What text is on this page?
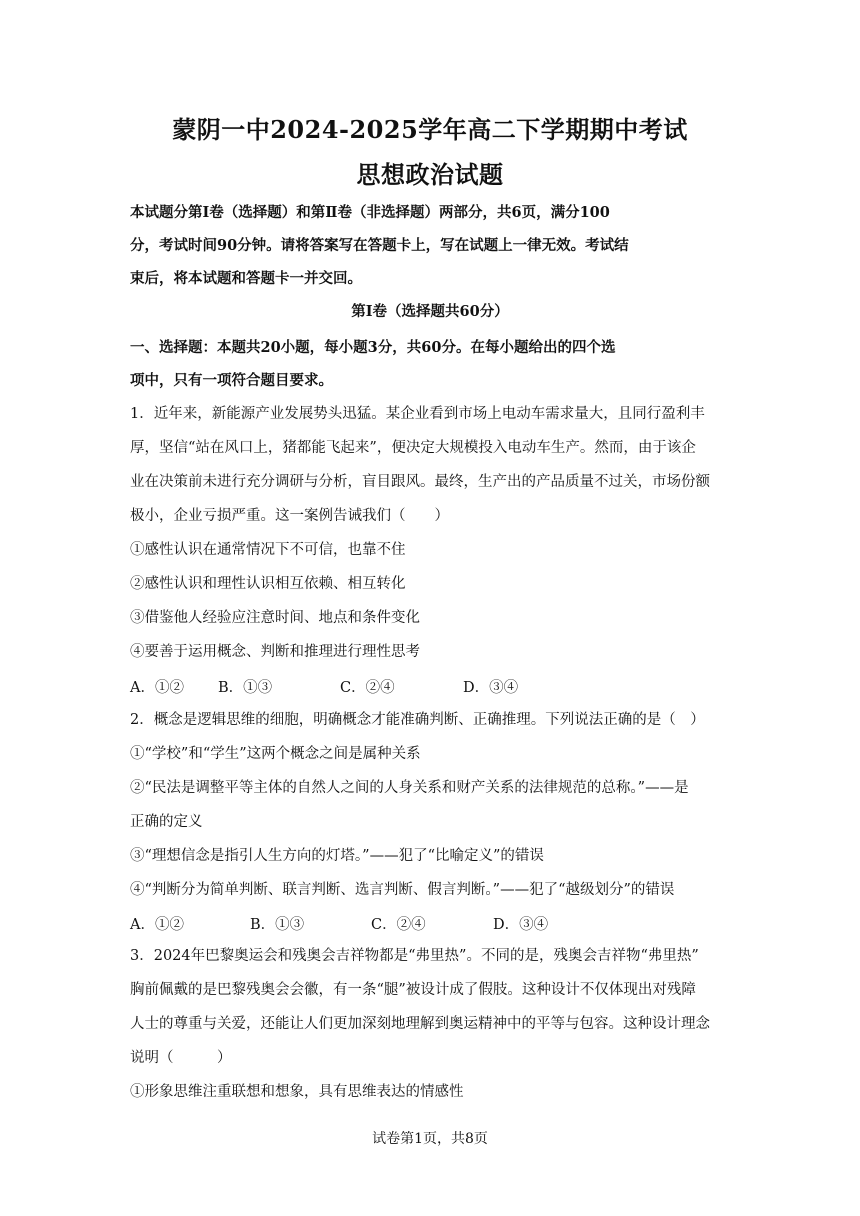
蒙阴一中2024-2025学年高二下学期期中考试
思想政治试题
本试题分第Ⅰ卷（选择题）和第Ⅱ卷（非选择题）两部分，共6页，满分100
分，考试时间90分钟。请将答案写在答题卡上，写在试题上一律无效。考试结
束后，将本试题和答题卡一并交回。
第Ⅰ卷（选择题共60分）
一、选择题：本题共20小题，每小题3分，共60分。在每小题给出的四个选
项中，只有一项符合题目要求。
1．近年来，新能源产业发展势头迅猛。某企业看到市场上电动车需求量大，且同行盈利丰
厚，坚信“站在风口上，猪都能飞起来”，便决定大规模投入电动车生产。然而，由于该企
业在决策前未进行充分调研与分析，盲目跟风。最终，生产出的产品质量不过关，市场份额
极小，企业亏损严重。这一案例告诫我们（　　）
①感性认识在通常情况下不可信，也靠不住
②感性认识和理性认识相互依赖、相互转化
③借鉴他人经验应注意时间、地点和条件变化
④要善于运用概念、判断和推理进行理性思考
A．①② B．①③	C．②④	D．③④
2．概念是逻辑思维的细胞，明确概念才能准确判断、正确推理。下列说法正确的是（　）
①“学校”和“学生”这两个概念之间是属种关系
②“民法是调整平等主体的自然人之间的人身关系和财产关系的法律规范的总称。”——是
正确的定义
③“理想信念是指引人生方向的灯塔。”——犯了“比喻定义”的错误
④“判断分为简单判断、联言判断、选言判断、假言判断。”——犯了“越级划分”的错误
A．①②	B．①③	C．②④	D．③④
3．2024年巴黎奥运会和残奥会吉祥物都是“弗里热”。不同的是，残奥会吉祥物“弗里热”
胸前佩戴的是巴黎残奥会会徽，有一条“腿”被设计成了假肢。这种设计不仅体现出对残障
人士的尊重与关爱，还能让人们更加深刻地理解到奥运精神中的平等与包容。这种设计理念
说明（　　　）
①形象思维注重联想和想象，具有思维表达的情感性
试卷第1页，共8页
